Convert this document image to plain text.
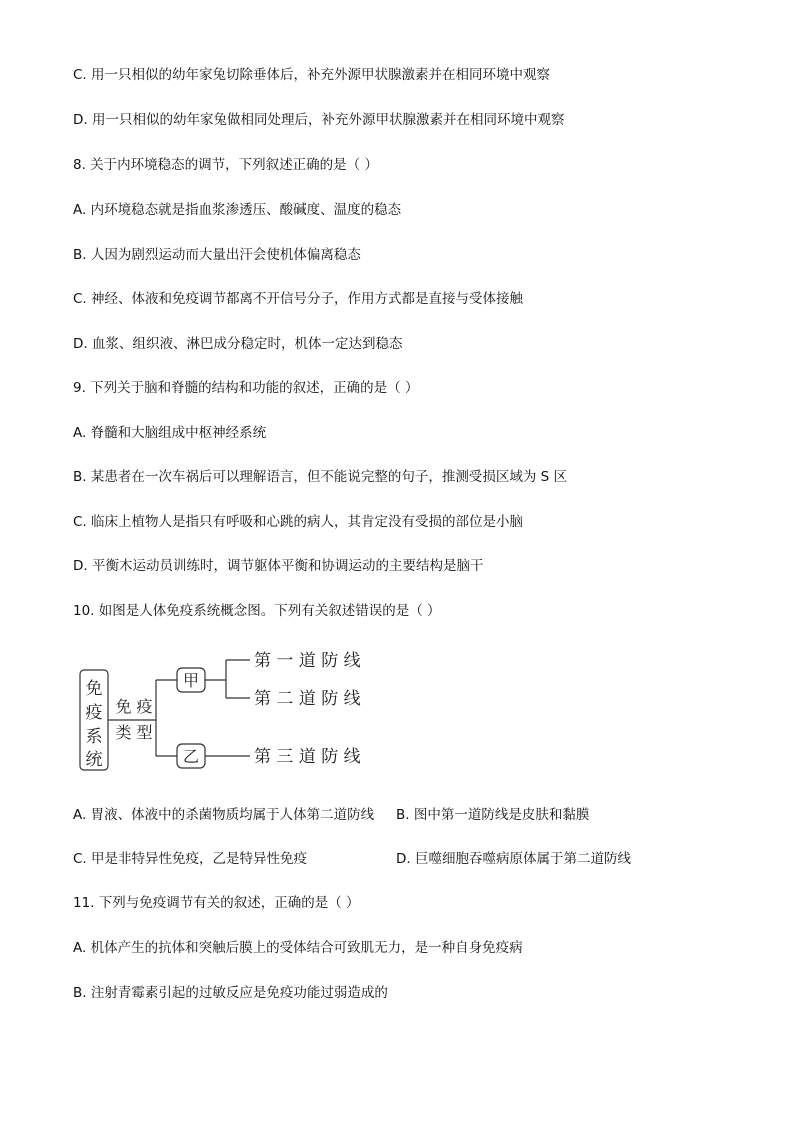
C. 用一只相似的幼年家兔切除垂体后，补充外源甲状腺激素并在相同环境中观察
D. 用一只相似的幼年家兔做相同处理后，补充外源甲状腺激素并在相同环境中观察
8. 关于内环境稳态的调节，下列叙述正确的是（ ）
A. 内环境稳态就是指血浆渗透压、酸碱度、温度的稳态
B. 人因为剧烈运动而大量出汗会使机体偏离稳态
C. 神经、体液和免疫调节都离不开信号分子，作用方式都是直接与受体接触
D. 血浆、组织液、淋巴成分稳定时，机体一定达到稳态
9. 下列关于脑和脊髓的结构和功能的叙述，正确的是（ ）
A. 脊髓和大脑组成中枢神经系统
B. 某患者在一次车祸后可以理解语言，但不能说完整的句子，推测受损区域为 S 区
C. 临床上植物人是指只有呼吸和心跳的病人，其肯定没有受损的部位是小脑
D. 平衡木运动员训练时，调节躯体平衡和协调运动的主要结构是脑干
10. 如图是人体免疫系统概念图。下列有关叙述错误的是（ ）
免
疫
系
统
免 疫
类 型
甲
乙
第 一 道 防 线
第 二 道 防 线
第 三 道 防 线
A. 胃液、体液中的杀菌物质均属于人体第二道防线 B. 图中第一道防线是皮肤和黏膜
C. 甲是非特异性免疫，乙是特异性免疫	D. 巨噬细胞吞噬病原体属于第二道防线
11. 下列与免疫调节有关的叙述，正确的是（ ）
A. 机体产生的抗体和突触后膜上的受体结合可致肌无力，是一种自身免疫病
B. 注射青霉素引起的过敏反应是免疫功能过弱造成的
